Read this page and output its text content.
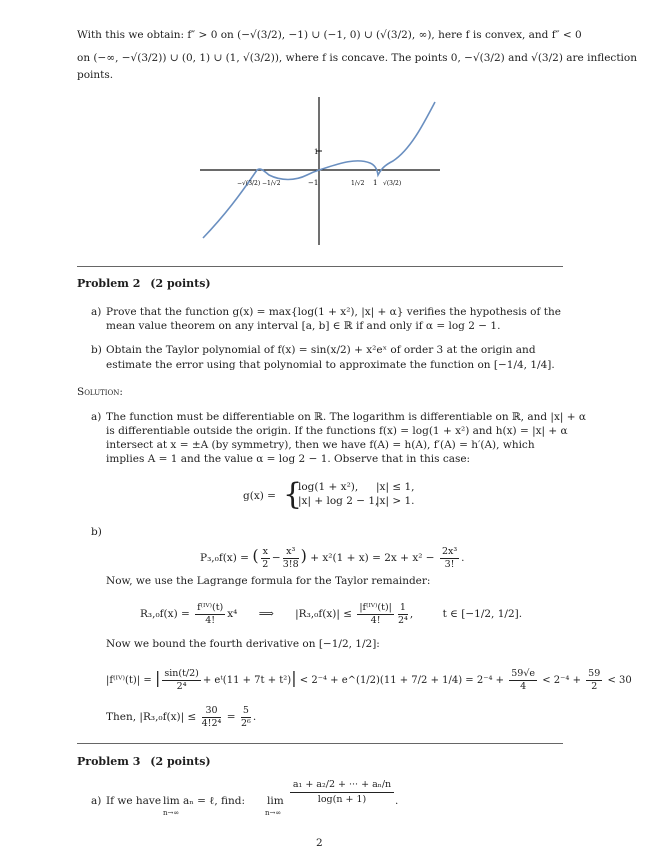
With this we obtain: f″ > 0 on (−√(3/2), −1) ∪ (−1, 0) ∪ (√(3/2), ∞), here f is convex, and f″ < 0
on (−∞, −√(3/2)) ∪ (0, 1) ∪ (1, √(3/2)), where f is concave. The points 0, −√(3/2) and √(3/2) are inflection
points.
1
−1	1
−√(3/2) −1/√2	1/√2	√(3/2)
Problem 2 (2 points)
a) Prove that the function g(x) = max{log(1 + x²), |x| + α} verifies the hypothesis of the
mean value theorem on any interval [a, b] ∈ ℝ if and only if α = log 2 − 1.
b) Obtain the Taylor polynomial of f(x) = sin(x/2) + x²eˣ of order 3 at the origin and
estimate the error using that polynomial to approximate the function on [−1/4, 1/4].
Solution:
a) The function must be differentiable on ℝ. The logarithm is differentiable on ℝ, and |x| + α
is differentiable outside the origin. If the functions f(x) = log(1 + x²) and h(x) = |x| + α
intersect at x = ±A (by symmetry), then we have f(A) = h(A), f′(A) = h′(A), which
implies A = 1 and the value α = log 2 − 1. Observe that in this case:
g(x) = {
log(1 + x²), |x| ≤ 1,
|x| + log 2 − 1,
|x| > 1.
b)
P₃,₀f(x) = ( $\frac{x}{2} - \frac{\text{x³}}{3!8}$ ) + $x^2(1 + x) = 2x + x^2 - \frac{\text{2x³}}{3!}$ .
Now, we use the Lagrange formula for the Taylor remainder:
$R_3,_0f(x) = \frac{\text{f⁽ᴵⱽ⁾(t)}}{4!} x^4$ ⟹ $|R_3,_0f(x)| \le \frac{\text{|f⁽ᴵⱽ⁾(t)|}}{4!} \frac{1}{\text{2⁴}}$ , t ∈ [−1/2, 1/2].
Now we bound the fourth derivative on [−1/2, 1/2]:
|f⁽ᴵⱽ⁾(t)| = | $\frac{\sin(t/2)}{\text{2⁴}}$ + eᵗ(11 + 7t + t²)| < 2⁻⁴ + e^(1/2)(11 + $7/2 + 1/4) = 2^{-4} + \frac{59√e}{4} < 2^{-4} + \frac{59}{2} < 30$
Then, $|R_3,_0f(x)| \le \frac{30}{\text{4!2⁴}} = \frac{5}{\text{2⁶}}$ .
Problem 3 (2 points)
a) If we have lim aₙ = ℓ, find:
n→∞
lim
n→∞
$\frac{\text{a₁ + a₂/2 + ··· + aₙ/n}}{\log(n + 1)}$ .
2
